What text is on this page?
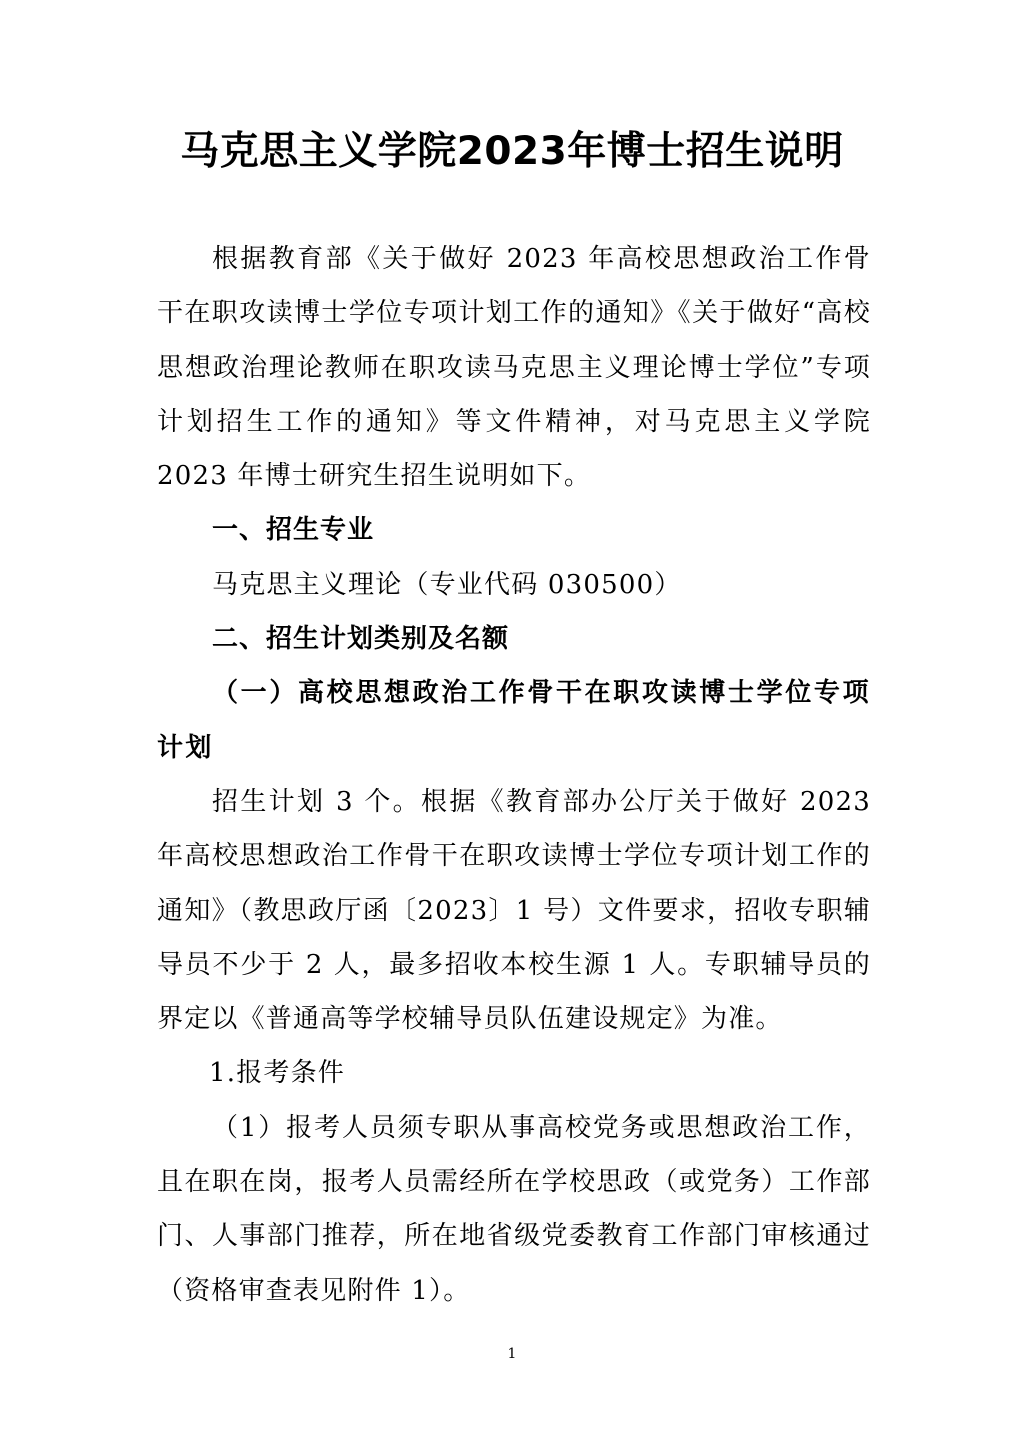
马克思主义学院2023年博士招生说明

根据教育部《关于做好 2023 年高校思想政治工作骨干在职攻读博士学位专项计划工作的通知》《关于做好“高校思想政治理论教师在职攻读马克思主义理论博士学位”专项计划招生工作的通知》等文件精神，对马克思主义学院 2023 年博士研究生招生说明如下。

一、招生专业

马克思主义理论（专业代码 030500）

二、招生计划类别及名额

（一）高校思想政治工作骨干在职攻读博士学位专项计划

招生计划 3 个。根据《教育部办公厅关于做好 2023 年高校思想政治工作骨干在职攻读博士学位专项计划工作的通知》（教思政厅函〔2023〕1 号）文件要求，招收专职辅导员不少于 2 人，最多招收本校生源 1 人。专职辅导员的界定以《普通高等学校辅导员队伍建设规定》为准。

1.报考条件

（1）报考人员须专职从事高校党务或思想政治工作，且在职在岗，报考人员需经所在学校思政（或党务）工作部门、人事部门推荐，所在地省级党委教育工作部门审核通过（资格审查表见附件 1）。

1
